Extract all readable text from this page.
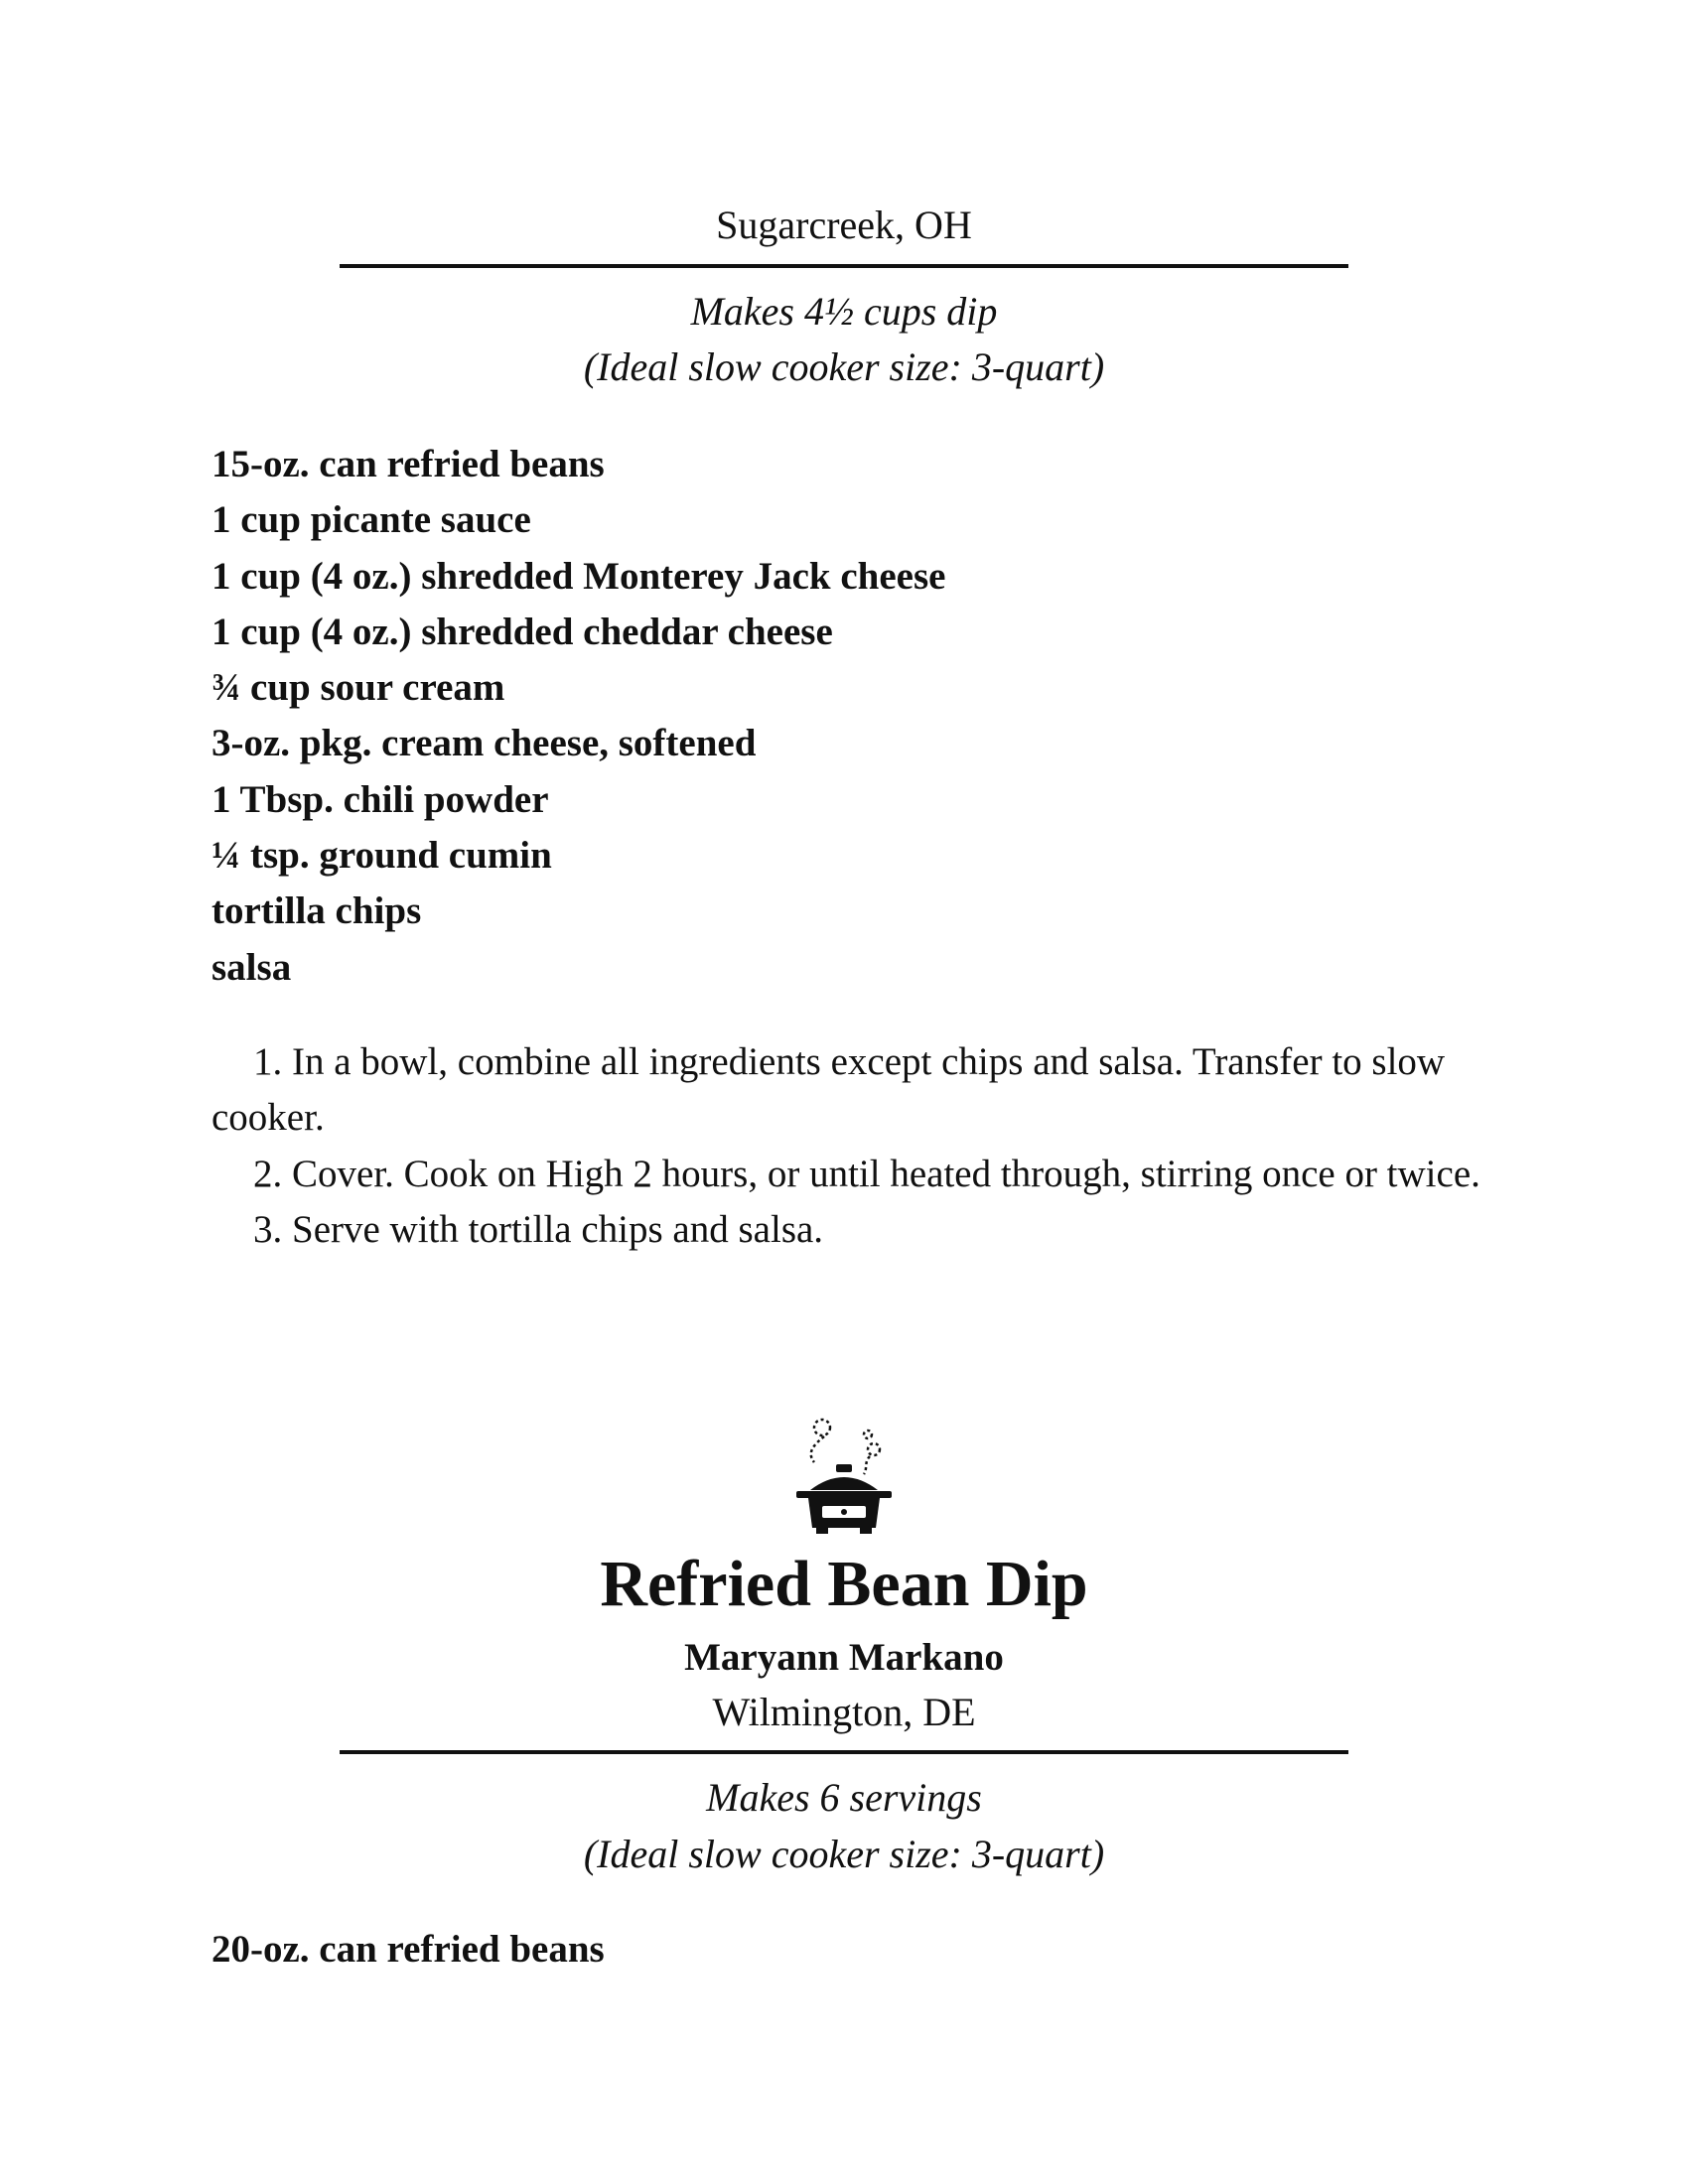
Sugarcreek, OH
Makes 4½ cups dip
(Ideal slow cooker size: 3-quart)
15-oz. can refried beans
1 cup picante sauce
1 cup (4 oz.) shredded Monterey Jack cheese
1 cup (4 oz.) shredded cheddar cheese
¾ cup sour cream
3-oz. pkg. cream cheese, softened
1 Tbsp. chili powder
¼ tsp. ground cumin
tortilla chips
salsa
1. In a bowl, combine all ingredients except chips and salsa. Transfer to slow cooker.
2. Cover. Cook on High 2 hours, or until heated through, stirring once or twice.
3. Serve with tortilla chips and salsa.
Refried Bean Dip
Maryann Markano
Wilmington, DE
Makes 6 servings
(Ideal slow cooker size: 3-quart)
20-oz. can refried beans
